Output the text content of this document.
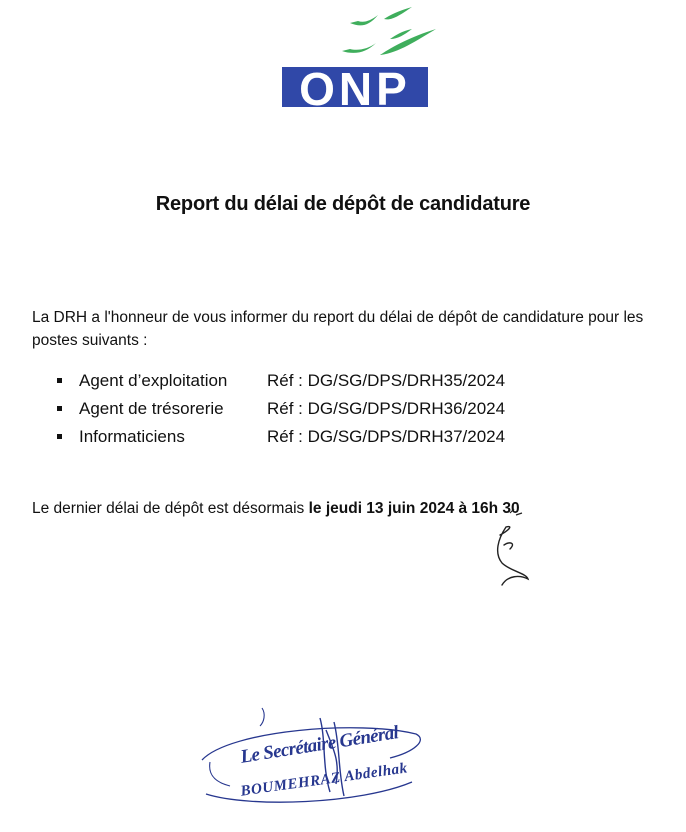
ONP
Report du délai de dépôt de candidature

La DRH a l'honneur de vous informer du report du délai de dépôt de candidature pour les postes suivants :

Agent d’exploitation Réf : DG/SG/DPS/DRH35/2024
Agent de trésorerie	Réf : DG/SG/DPS/DRH36/2024
Informaticiens	Réf : DG/SG/DPS/DRH37/2024

Le dernier délai de dépôt est désormais le jeudi 13 juin 2024 à 16h 30

Le Secrétaire Général
BOUMEHRAZ Abdelhak
